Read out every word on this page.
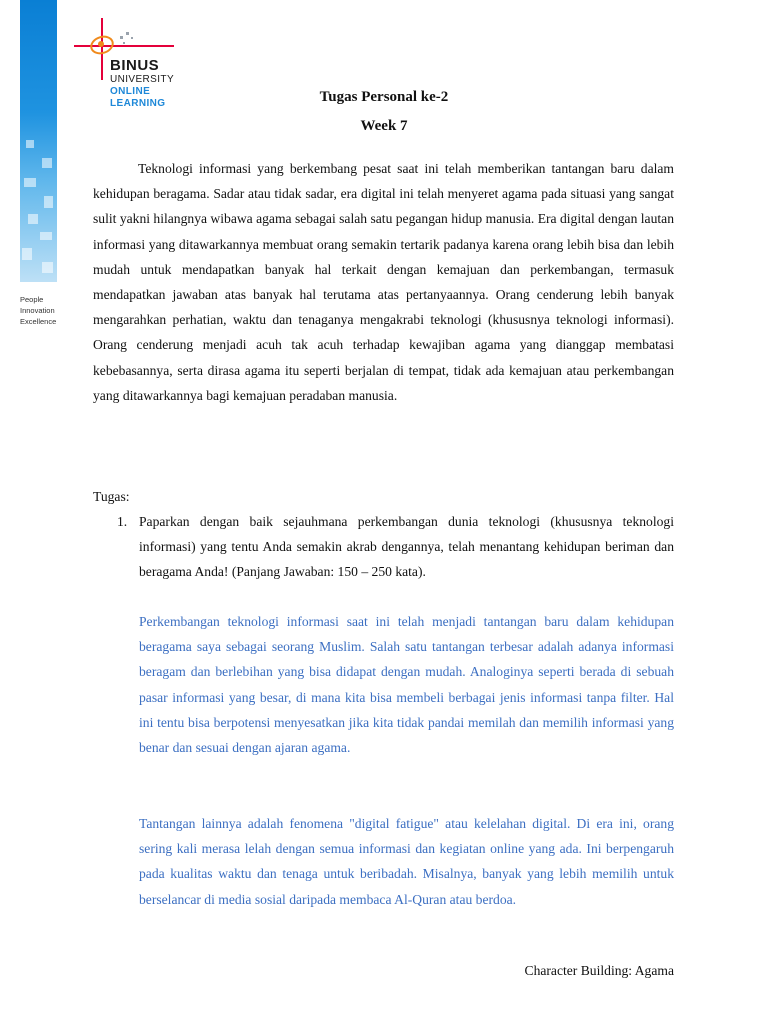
People
Innovation
Excellence
BINUS
UNIVERSITY
ONLINE
LEARNING	Tugas Personal ke-2
Week 7
Teknologi informasi yang berkembang pesat saat ini telah memberikan tantangan baru dalam kehidupan beragama. Sadar atau tidak sadar, era digital ini telah menyeret agama pada situasi yang sangat sulit yakni hilangnya wibawa agama sebagai salah satu pegangan hidup manusia. Era digital dengan lautan informasi yang ditawarkannya membuat orang semakin tertarik padanya karena orang lebih bisa dan lebih mudah untuk mendapatkan banyak hal terkait dengan kemajuan dan perkembangan, termasuk mendapatkan jawaban atas banyak hal terutama atas pertanyaannya. Orang cenderung lebih banyak mengarahkan perhatian, waktu dan tenaganya mengakrabi teknologi (khususnya teknologi informasi). Orang cenderung menjadi acuh tak acuh terhadap kewajiban agama yang dianggap membatasi kebebasannya, serta dirasa agama itu seperti berjalan di tempat, tidak ada kemajuan atau perkembangan yang ditawarkannya bagi kemajuan peradaban manusia.
Tugas:
1. Paparkan dengan baik sejauhmana perkembangan dunia teknologi (khususnya teknologi informasi) yang tentu Anda semakin akrab dengannya, telah menantang kehidupan beriman dan beragama Anda! (Panjang Jawaban: 150 – 250 kata).
Perkembangan teknologi informasi saat ini telah menjadi tantangan baru dalam kehidupan beragama saya sebagai seorang Muslim. Salah satu tantangan terbesar adalah adanya informasi beragam dan berlebihan yang bisa didapat dengan mudah. Analoginya seperti berada di sebuah pasar informasi yang besar, di mana kita bisa membeli berbagai jenis informasi tanpa filter. Hal ini tentu bisa berpotensi menyesatkan jika kita tidak pandai memilah dan memilih informasi yang benar dan sesuai dengan ajaran agama.
Tantangan lainnya adalah fenomena "digital fatigue" atau kelelahan digital. Di era ini, orang sering kali merasa lelah dengan semua informasi dan kegiatan online yang ada. Ini berpengaruh pada kualitas waktu dan tenaga untuk beribadah. Misalnya, banyak yang lebih memilih untuk berselancar di media sosial daripada membaca Al-Quran atau berdoa.
Character Building: Agama
